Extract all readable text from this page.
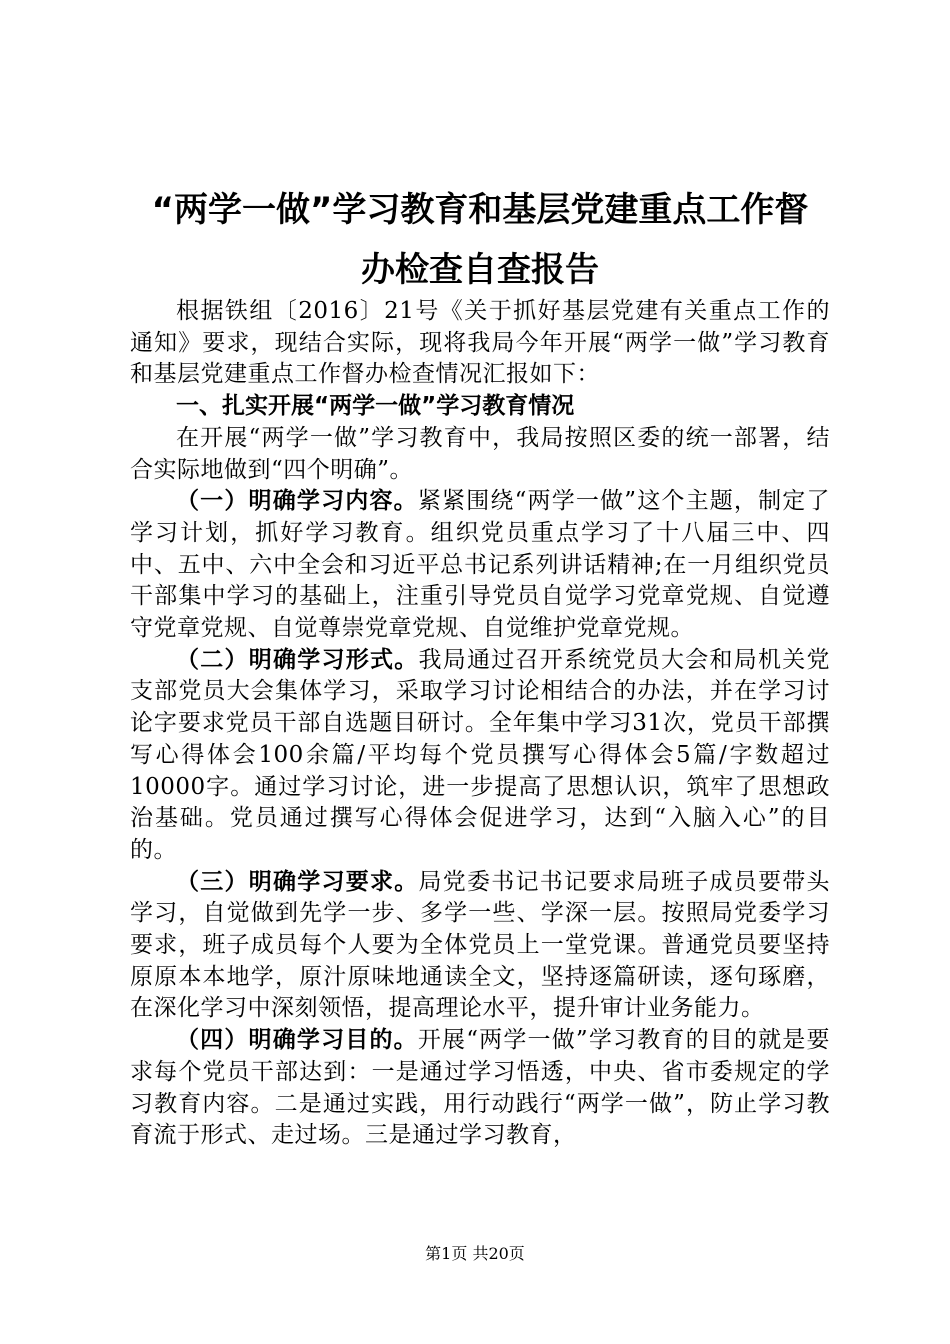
“两学一做”学习教育和基层党建重点工作督
办检查自查报告

根据铁组〔2016〕21号《关于抓好基层党建有关重点工作的通知》要求，现结合实际，现将我局今年开展“两学一做”学习教育和基层党建重点工作督办检查情况汇报如下：

一、扎实开展“两学一做”学习教育情况

在开展“两学一做”学习教育中，我局按照区委的统一部署，结合实际地做到“四个明确”。

（一）明确学习内容。紧紧围绕“两学一做”这个主题，制定了学习计划，抓好学习教育。组织党员重点学习了十八届三中、四中、五中、六中全会和习近平总书记系列讲话精神;在一月组织党员干部集中学习的基础上，注重引导党员自觉学习党章党规、自觉遵守党章党规、自觉尊崇党章党规、自觉维护党章党规。

（二）明确学习形式。我局通过召开系统党员大会和局机关党支部党员大会集体学习，采取学习讨论相结合的办法，并在学习讨论字要求党员干部自选题目研讨。全年集中学习31次，党员干部撰写心得体会100余篇/平均每个党员撰写心得体会5篇/字数超过10000字。通过学习讨论，进一步提高了思想认识，筑牢了思想政治基础。党员通过撰写心得体会促进学习，达到“入脑入心”的目的。

（三）明确学习要求。局党委书记书记要求局班子成员要带头学习，自觉做到先学一步、多学一些、学深一层。按照局党委学习要求，班子成员每个人要为全体党员上一堂党课。普通党员要坚持原原本本地学，原汁原味地通读全文，坚持逐篇研读，逐句琢磨，在深化学习中深刻领悟，提高理论水平，提升审计业务能力。

（四）明确学习目的。开展“两学一做”学习教育的目的就是要求每个党员干部达到：一是通过学习悟透，中央、省市委规定的学习教育内容。二是通过实践，用行动践行“两学一做”，防止学习教育流于形式、走过场。三是通过学习教育，

第1页 共20页
